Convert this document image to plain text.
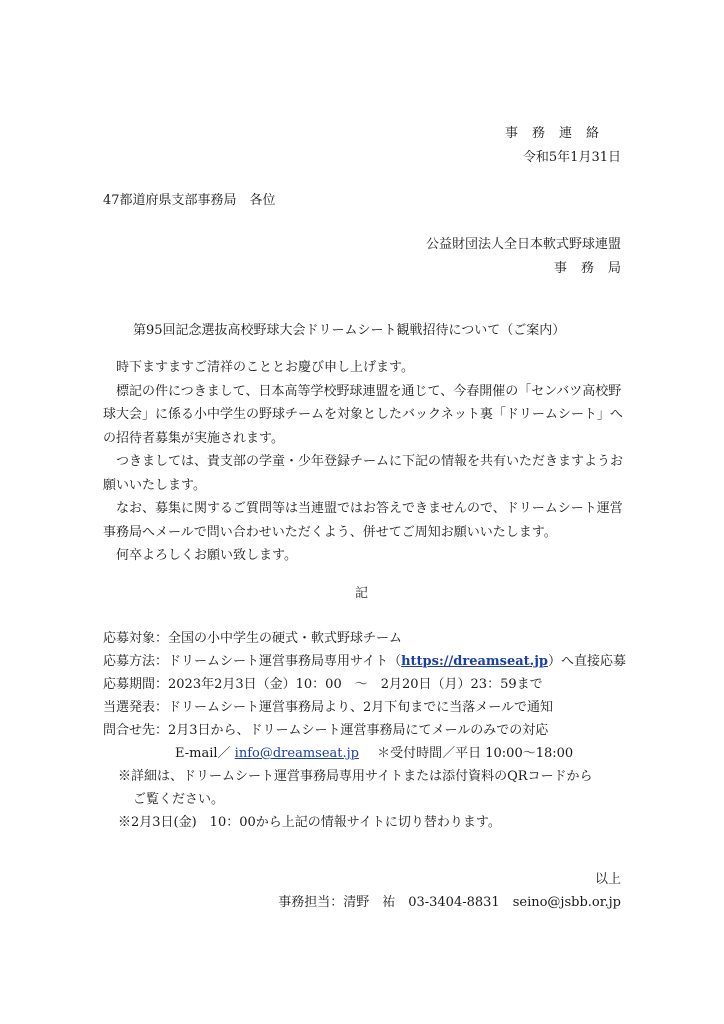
事務連絡
令和5年1月31日
47都道府県支部事務局　各位
公益財団法人全日本軟式野球連盟
事務局
第95回記念選抜高校野球大会ドリームシート観戦招待について（ご案内）

時下ますますご清祥のこととお慶び申し上げます。

標記の件につきまして、日本高等学校野球連盟を通じて、今春開催の「センバツ高校野球大会」に係る小中学生の野球チームを対象としたバックネット裏「ドリームシート」への招待者募集が実施されます。

つきましては、貴支部の学童・少年登録チームに下記の情報を共有いただきますようお願いいたします。

なお、募集に関するご質問等は当連盟ではお答えできませんので、ドリームシート運営事務局へメールで問い合わせいただくよう、併せてご周知お願いいたします。

何卒よろしくお願い致します。

記
応募対象：全国の小中学生の硬式・軟式野球チーム
応募方法：ドリームシート運営事務局専用サイト（https://dreamseat.jp）へ直接応募
応募期間：2023年2月3日（金）10：00　～　2月20日（月）23：59まで
当選発表：ドリームシート運営事務局より、2月下旬までに当落メールで通知
問合せ先：2月3日から、ドリームシート運営事務局にてメールのみでの対応
E-mail／ info@dreamseat.jp ＊受付時間／平日 10:00～18:00
※詳細は、ドリームシート運営事務局専用サイトまたは添付資料のQRコードから
ご覧ください。
※2月3日(金)　10：00から上記の情報サイトに切り替わります。
以上
事務担当：清野　祐　03-3404-8831　seino@jsbb.or.jp
